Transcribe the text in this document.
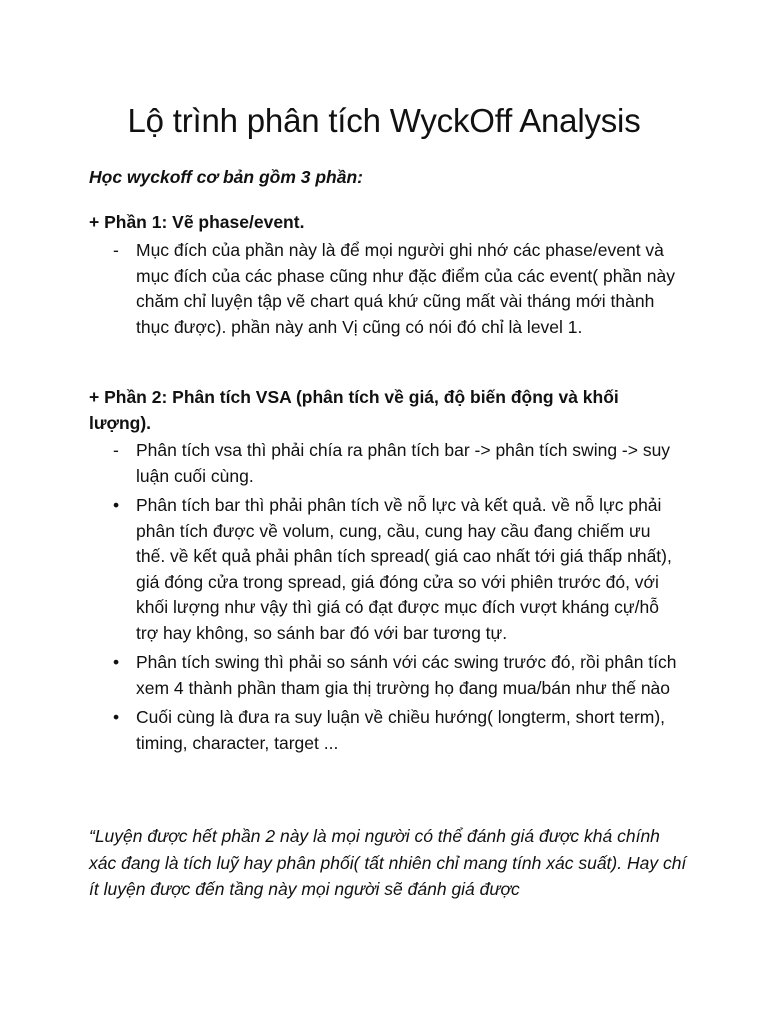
Lộ trình phân tích WyckOff Analysis
Học wyckoff cơ bản gồm 3 phần:
+ Phần 1: Vẽ phase/event.
- Mục đích của phần này là để mọi người ghi nhớ các phase/event và mục đích của các phase cũng như đặc điểm của các event( phần này chăm chỉ luyện tập vẽ chart quá khứ cũng mất vài tháng mới thành thục được). phần này anh Vị cũng có nói đó chỉ là level 1.
+ Phần 2: Phân tích VSA (phân tích về giá, độ biến động và khối lượng).
- Phân tích vsa thì phải chía ra phân tích bar -> phân tích swing -> suy luận cuối cùng.
• Phân tích bar thì phải phân tích về nỗ lực và kết quả. về nỗ lực phải phân tích được về volum, cung, cầu, cung hay cầu đang chiếm ưu thế. về kết quả phải phân tích spread( giá cao nhất tới giá thấp nhất), giá đóng cửa trong spread, giá đóng cửa so với phiên trước đó, với khối lượng như vậy thì giá có đạt được mục đích vượt kháng cự/hỗ trợ hay không, so sánh bar đó với bar tương tự.
• Phân tích swing thì phải so sánh với các swing trước đó, rồi phân tích xem 4 thành phần tham gia thị trường họ đang mua/bán như thế nào
• Cuối cùng là đưa ra suy luận về chiều hướng( longterm, short term), timing, character, target ...
“Luyện được hết phần 2 này là mọi người có thể đánh giá được khá chính xác đang là tích luỹ hay phân phối( tất nhiên chỉ mang tính xác suất). Hay chí ít luyện được đến tầng này mọi người sẽ đánh giá được
